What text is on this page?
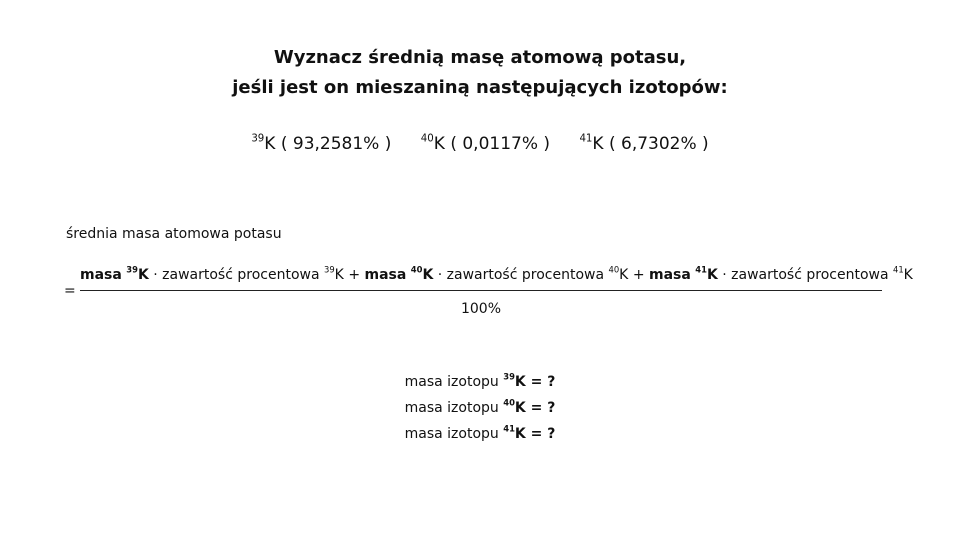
Wyznacz średnią masę atomową potasu,
jeśli jest on mieszaniną następujących izotopów:
$^{39}$K ( 93,2581% )	$^{40}$K ( 0,0117% )	$^{41}$K ( 6,7302% )
średnia masa atomowa potasu
=
masa $^{39}$K · zawartość procentowa $^{39}$K + masa $^{40}$K · zawartość procentowa $^{40}$K + masa $^{41}$K · zawartość procentowa $^{41}$K
100%
masa izotopu $^{39}$K = ?
masa izotopu $^{40}$K = ?
masa izotopu $^{41}$K = ?
